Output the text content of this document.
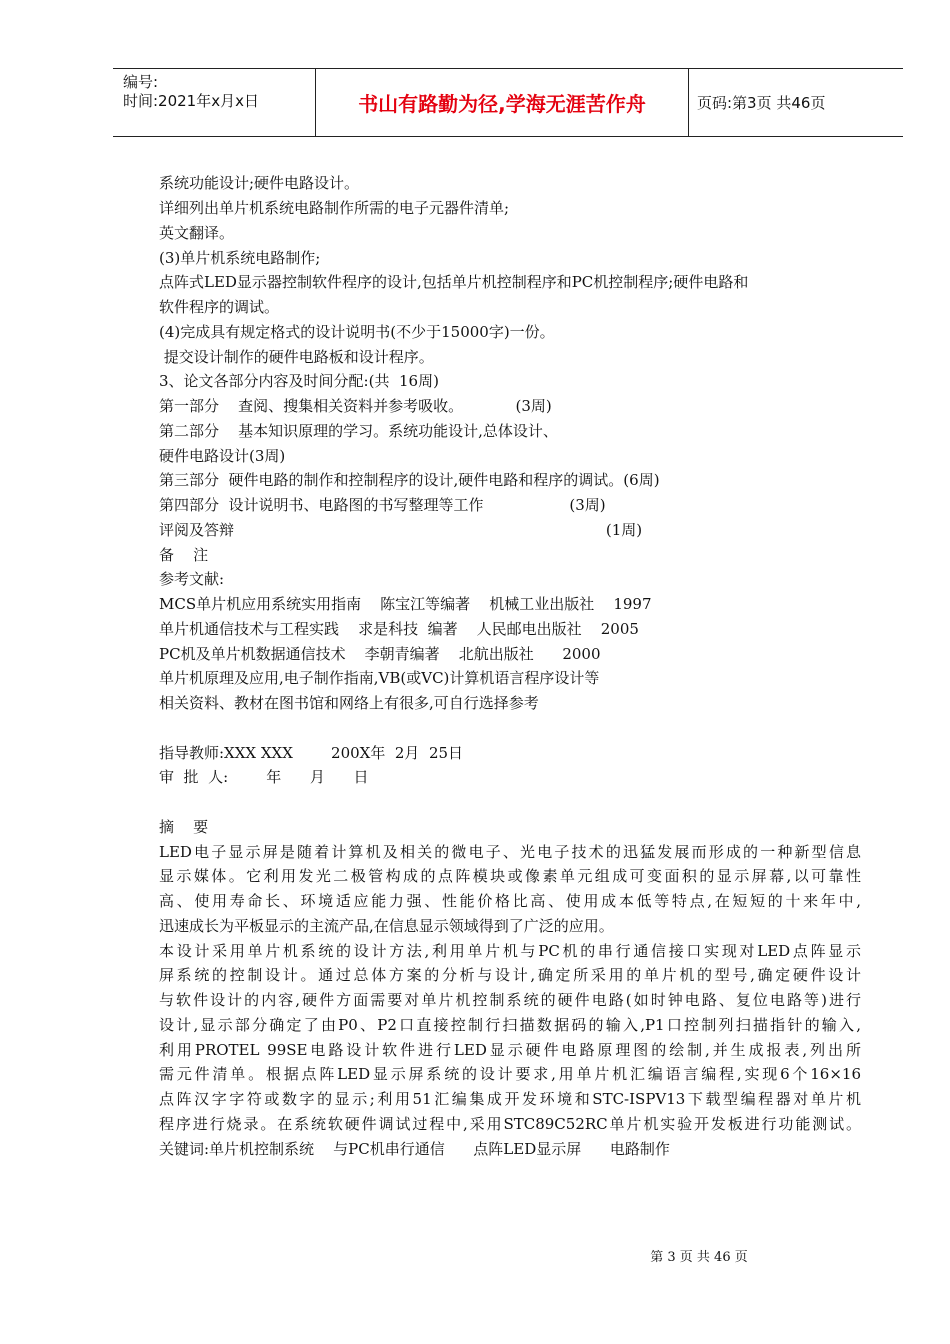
编号:
时间:2021年x月x日	书山有路勤为径,学海无涯苦作舟	页码:第3页 共46页
系统功能设计;硬件电路设计。
详细列出单片机系统电路制作所需的电子元器件清单;
英文翻译。
(3)单片机系统电路制作;
点阵式LED显示器控制软件程序的设计,包括单片机控制程序和PC机控制程序;硬件电路和
软件程序的调试。
(4)完成具有规定格式的设计说明书(不少于15000字)一份。
提交设计制作的硬件电路板和设计程序。
3、论文各部分内容及时间分配:(共  16周)
第一部分    查阅、搜集相关资料并参考吸收。           (3周)
第二部分    基本知识原理的学习。系统功能设计,总体设计、
硬件电路设计(3周)
第三部分  硬件电路的制作和控制程序的设计,硬件电路和程序的调试。(6周)
第四部分  设计说明书、电路图的书写整理等工作                  (3周)
评阅及答辩                                                                              (1周)
备    注
参考文献:
MCS单片机应用系统实用指南    陈宝江等编著    机械工业出版社    1997
单片机通信技术与工程实践    求是科技  编著    人民邮电出版社    2005
PC机及单片机数据通信技术    李朝青编著    北航出版社      2000
单片机原理及应用,电子制作指南,VB(或VC)计算机语言程序设计等
相关资料、教材在图书馆和网络上有很多,可自行选择参考
指导教师:XXX XXX        200X年  2月  25日
审  批  人:        年      月      日
摘    要
LED电子显示屏是随着计算机及相关的微电子、光电子技术的迅猛发展而形成的一种新型信息
显示媒体。它利用发光二极管构成的点阵模块或像素单元组成可变面积的显示屏幕,以可靠性
高、使用寿命长、环境适应能力强、性能价格比高、使用成本低等特点,在短短的十来年中,
迅速成长为平板显示的主流产品,在信息显示领域得到了广泛的应用。
本设计采用单片机系统的设计方法,利用单片机与PC机的串行通信接口实现对LED点阵显示
屏系统的控制设计。通过总体方案的分析与设计,确定所采用的单片机的型号,确定硬件设计
与软件设计的内容,硬件方面需要对单片机控制系统的硬件电路(如时钟电路、复位电路等)进行
设计,显示部分确定了由P0、P2口直接控制行扫描数据码的输入,P1口控制列扫描指针的输入,
利用PROTEL 99SE电路设计软件进行LED显示硬件电路原理图的绘制,并生成报表,列出所
需元件清单。根据点阵LED显示屏系统的设计要求,用单片机汇编语言编程,实现6个16×16
点阵汉字字符或数字的显示;利用51汇编集成开发环境和STC-ISPV13下载型编程器对单片机
程序进行烧录。在系统软硬件调试过程中,采用STC89C52RC单片机实验开发板进行功能测试。
关键词:单片机控制系统    与PC机串行通信      点阵LED显示屏      电路制作
第 3 页 共 46 页
